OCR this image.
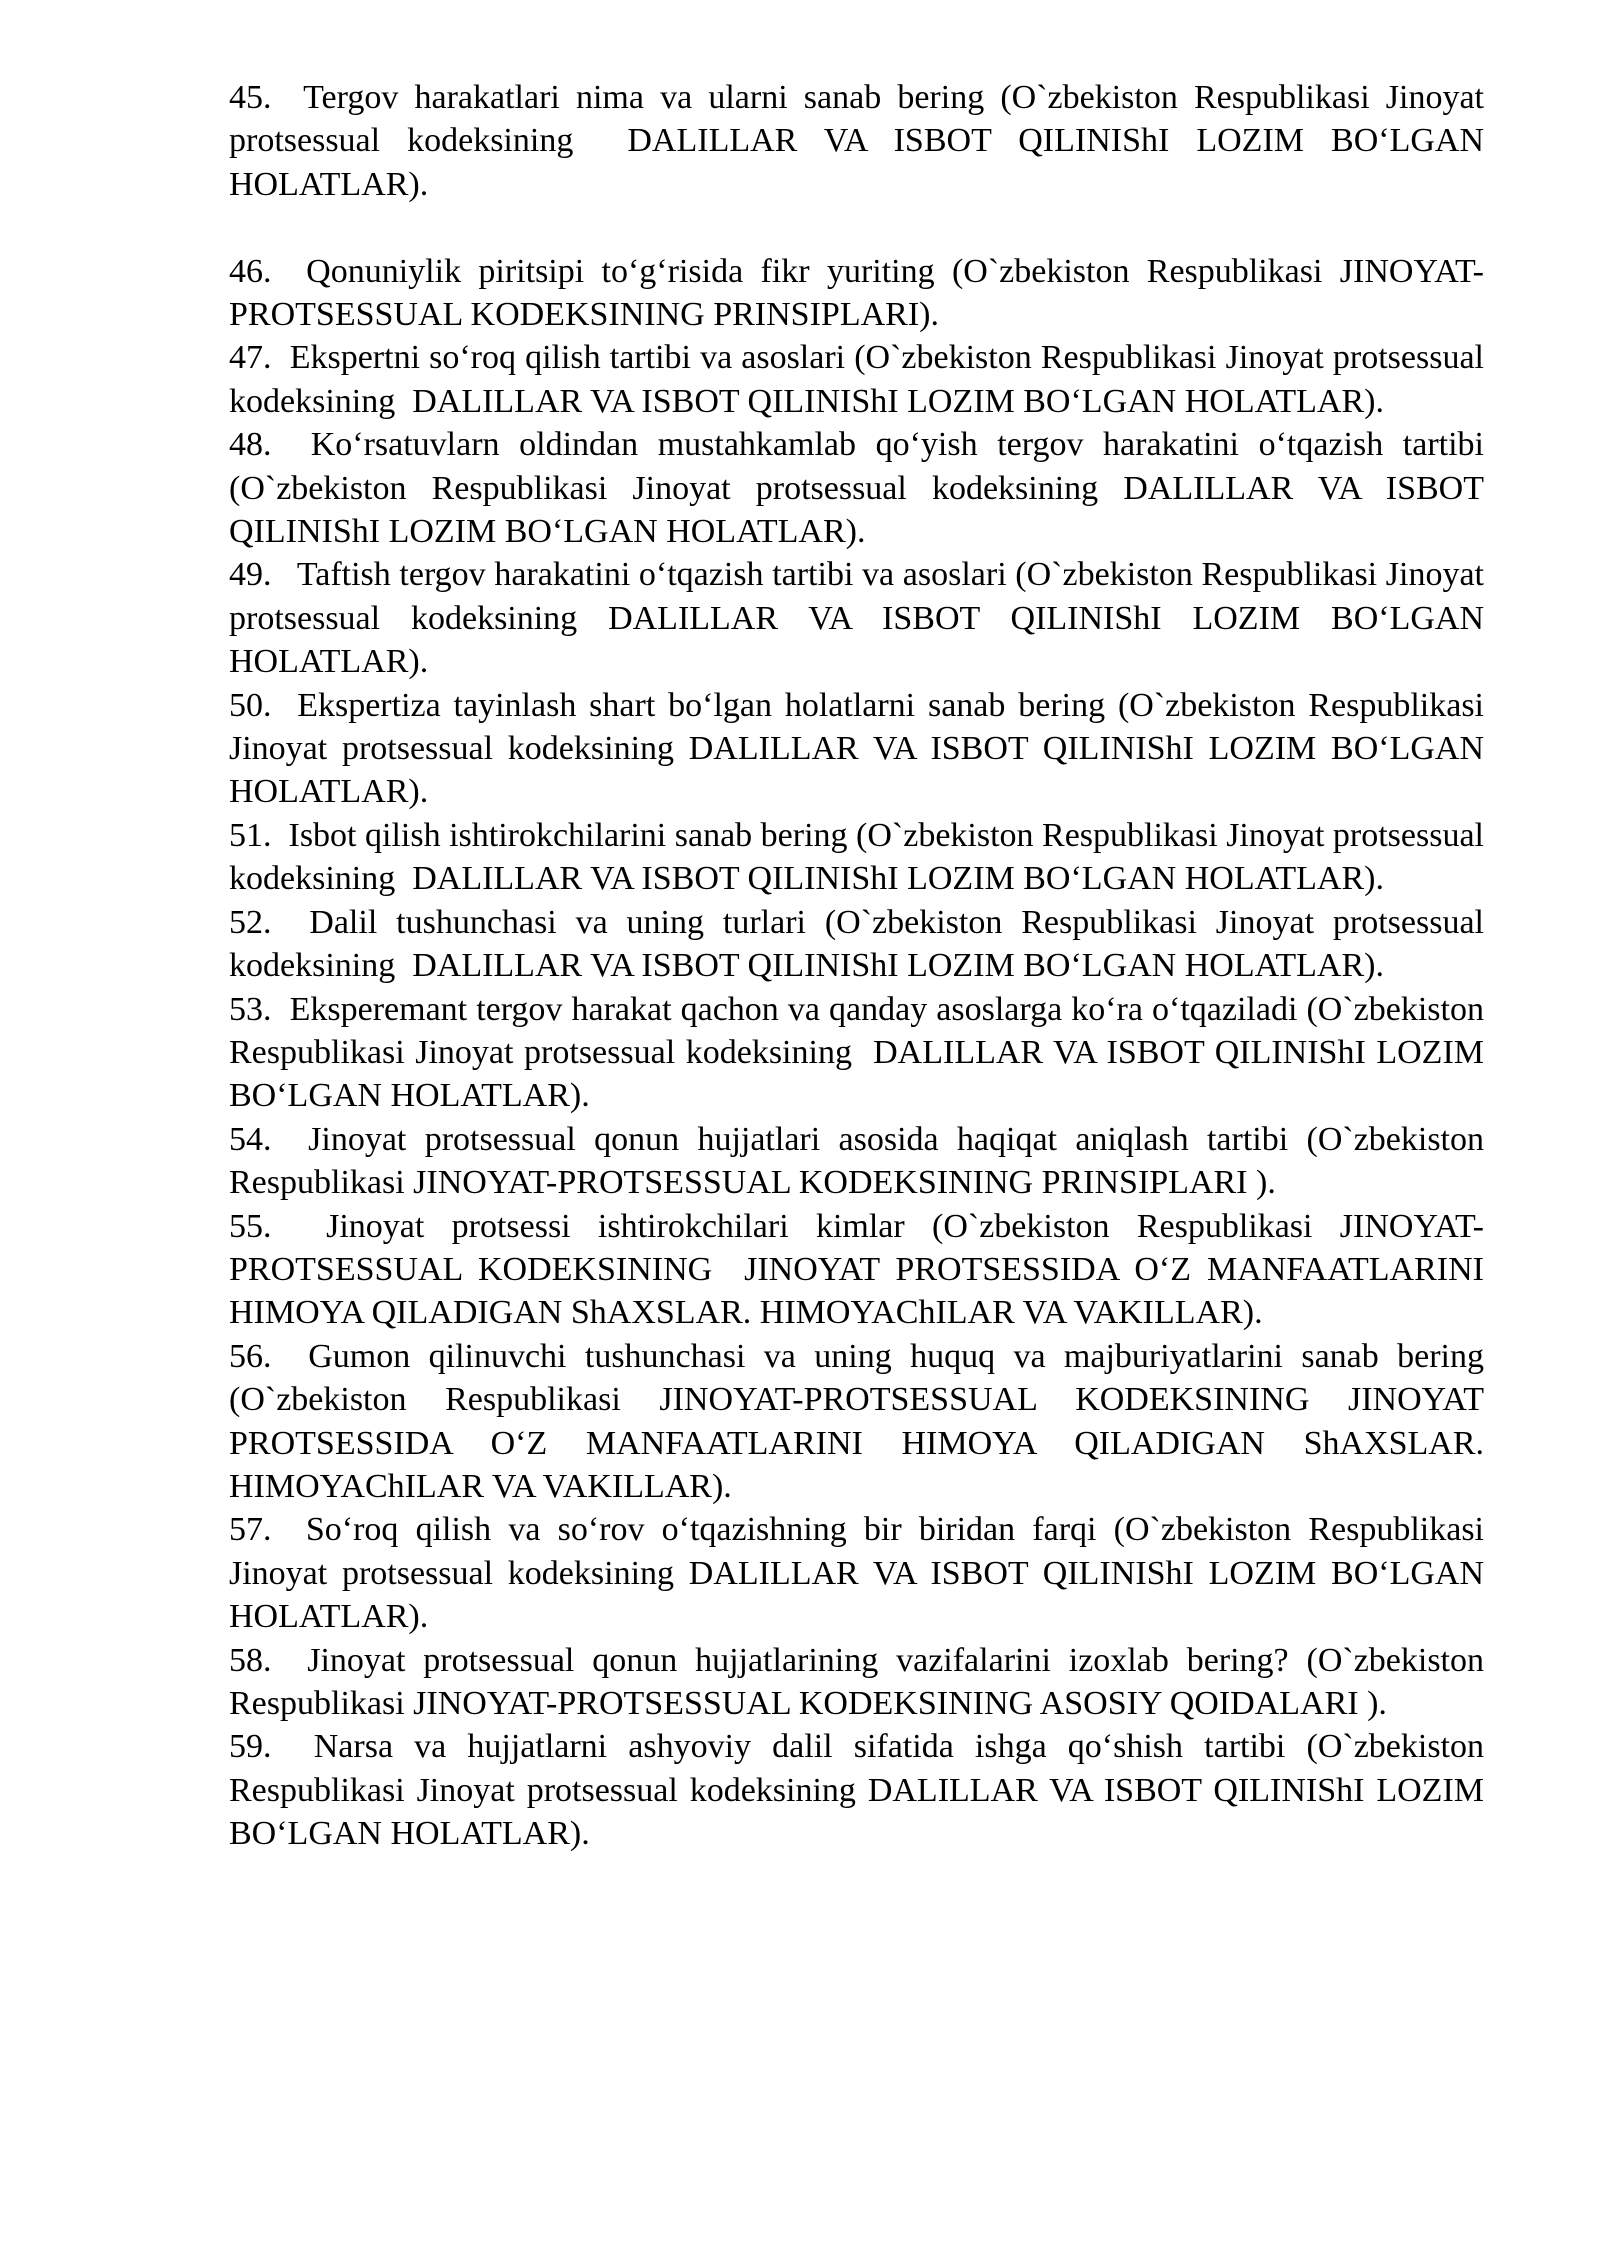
45.  Tergov harakatlari nima va ularni sanab bering (O`zbekiston Respublikasi Jinoyat protsessual kodeksining  DALILLAR VA ISBOT QILINIShI LOZIM BO‘LGAN HOLATLAR).

46.  Qonuniylik piritsipi to‘g‘risida fikr yuriting (O`zbekiston Respublikasi JINOYAT-PROTSESSUAL KODEKSINING PRINSIPLARI).

47.  Ekspertni so‘roq qilish tartibi va asoslari (O`zbekiston Respublikasi Jinoyat protsessual kodeksining  DALILLAR VA ISBOT QILINIShI LOZIM BO‘LGAN HOLATLAR).

48.  Ko‘rsatuvlarn oldindan mustahkamlab qo‘yish tergov harakatini o‘tqazish tartibi (O`zbekiston Respublikasi Jinoyat protsessual kodeksining DALILLAR VA ISBOT QILINIShI LOZIM BO‘LGAN HOLATLAR).

49.   Taftish tergov harakatini o‘tqazish tartibi va asoslari (O`zbekiston Respublikasi Jinoyat protsessual kodeksining DALILLAR VA ISBOT QILINIShI LOZIM BO‘LGAN HOLATLAR).

50.  Ekspertiza tayinlash shart bo‘lgan holatlarni sanab bering (O`zbekiston Respublikasi Jinoyat protsessual kodeksining DALILLAR VA ISBOT QILINIShI LOZIM BO‘LGAN HOLATLAR).

51.  Isbot qilish ishtirokchilarini sanab bering (O`zbekiston Respublikasi Jinoyat protsessual kodeksining  DALILLAR VA ISBOT QILINIShI LOZIM BO‘LGAN HOLATLAR).

52.  Dalil tushunchasi va uning turlari (O`zbekiston Respublikasi Jinoyat protsessual kodeksining  DALILLAR VA ISBOT QILINIShI LOZIM BO‘LGAN HOLATLAR).

53.  Eksperemant tergov harakat qachon va qanday asoslarga ko‘ra o‘tqaziladi (O`zbekiston Respublikasi Jinoyat protsessual kodeksining  DALILLAR VA ISBOT QILINIShI LOZIM BO‘LGAN HOLATLAR).

54.  Jinoyat protsessual qonun hujjatlari asosida haqiqat aniqlash tartibi (O`zbekiston Respublikasi JINOYAT-PROTSESSUAL KODEKSINING PRINSIPLARI ).

55.  Jinoyat protsessi ishtirokchilari kimlar (O`zbekiston Respublikasi JINOYAT-PROTSESSUAL KODEKSINING  JINOYAT PROTSESSIDA O‘Z MANFAATLARINI HIMOYA QILADIGAN ShAXSLAR. HIMOYAChILAR VA VAKILLAR).

56.  Gumon qilinuvchi tushunchasi va uning huquq va majburiyatlarini sanab bering (O`zbekiston Respublikasi JINOYAT-PROTSESSUAL KODEKSINING JINOYAT PROTSESSIDA O‘Z MANFAATLARINI HIMOYA QILADIGAN ShAXSLAR. HIMOYAChILAR VA VAKILLAR).

57.  So‘roq qilish va so‘rov o‘tqazishning bir biridan farqi (O`zbekiston Respublikasi Jinoyat protsessual kodeksining DALILLAR VA ISBOT QILINIShI LOZIM BO‘LGAN HOLATLAR).

58.  Jinoyat protsessual qonun hujjatlarining vazifalarini izoxlab bering? (O`zbekiston Respublikasi JINOYAT-PROTSESSUAL KODEKSINING ASOSIY QOIDALARI ).

59.  Narsa va hujjatlarni ashyoviy dalil sifatida ishga qo‘shish tartibi (O`zbekiston Respublikasi Jinoyat protsessual kodeksining DALILLAR VA ISBOT QILINIShI LOZIM BO‘LGAN HOLATLAR).
